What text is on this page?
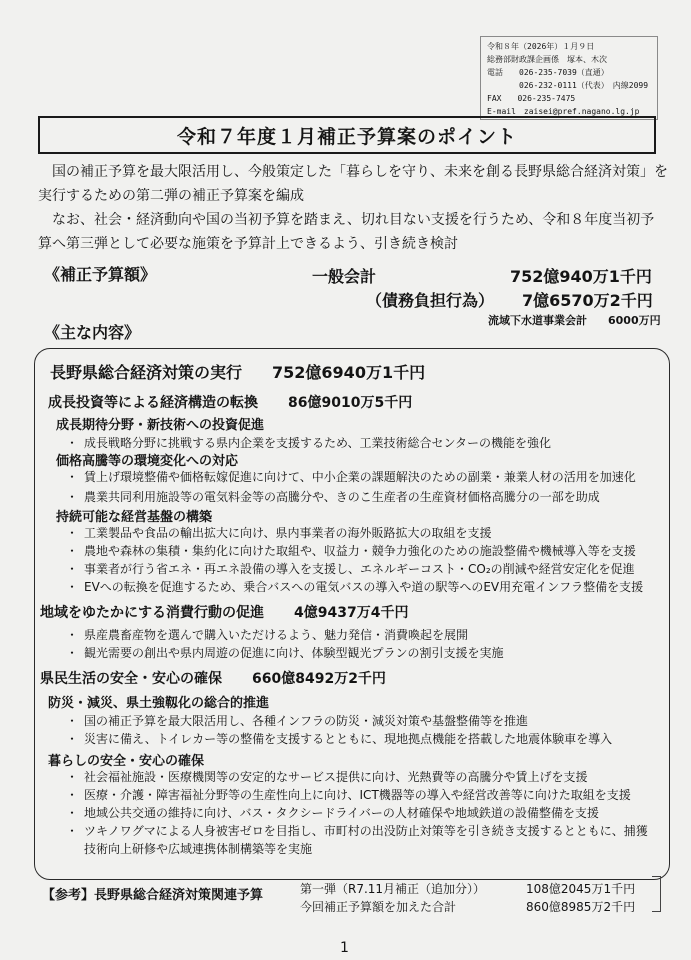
令和８年（2026年）１月９日
総務部財政課企画係　塚本、木次
電話　　026-235-7039（直通）
　　　　026-232-0111（代表）　内線2099
FAX　　026-235-7475
E-mail　zaisei@pref.nagano.lg.jp
令和７年度１月補正予算案のポイント

国の補正予算を最大限活用し、今般策定した「暮らしを守り、未来を創る長野県総合経済対策」を実行するための第二弾の補正予算案を編成

なお、社会・経済動向や国の当初予算を踏まえ、切れ目ない支援を行うため、令和８年度当初予算へ第三弾として必要な施策を予算計上できるよう、引き続き検討

《補正予算額》	一般会計	752億940万1千円
（債務負担行為） 7億6570万2千円
流域下水道事業会計 6000万円
《主な内容》
長野県総合経済対策の実行 752億6940万1千円
成長投資等による経済構造の転換 86億9010万5千円
成長期待分野・新技術への投資促進
・ 成長戦略分野に挑戦する県内企業を支援するため、工業技術総合センターの機能を強化
価格高騰等の環境変化への対応
・ 賃上げ環境整備や価格転嫁促進に向けて、中小企業の課題解決のための副業・兼業人材の活用を加速化
・ 農業共同利用施設等の電気料金等の高騰分や、きのこ生産者の生産資材価格高騰分の一部を助成
持続可能な経営基盤の構築
・ 工業製品や食品の輸出拡大に向け、県内事業者の海外販路拡大の取組を支援
・ 農地や森林の集積・集約化に向けた取組や、収益力・競争力強化のための施設整備や機械導入等を支援
・ 事業者が行う省エネ・再エネ設備の導入を支援し、エネルギーコスト・CO₂の削減や経営安定化を促進
・ EVへの転換を促進するため、乗合バスへの電気バスの導入や道の駅等へのEV用充電インフラ整備を支援
地域をゆたかにする消費行動の促進 4億9437万4千円
・ 県産農畜産物を選んで購入いただけるよう、魅力発信・消費喚起を展開
・ 観光需要の創出や県内周遊の促進に向け、体験型観光プランの割引支援を実施
県民生活の安全・安心の確保 660億8492万2千円
防災・減災、県土強靱化の総合的推進
・ 国の補正予算を最大限活用し、各種インフラの防災・減災対策や基盤整備等を推進
・ 災害に備え、トイレカー等の整備を支援するとともに、現地拠点機能を搭載した地震体験車を導入
暮らしの安全・安心の確保
・ 社会福祉施設・医療機関等の安定的なサービス提供に向け、光熱費等の高騰分や賃上げを支援
・ 医療・介護・障害福祉分野等の生産性向上に向け、ICT機器等の導入や経営改善等に向けた取組を支援
・ 地域公共交通の維持に向け、バス・タクシードライバーの人材確保や地域鉄道の設備整備を支援
・ ツキノワグマによる人身被害ゼロを目指し、市町村の出没防止対策等を引き続き支援するとともに、捕獲
技術向上研修や広域連携体制構築等を実施
【参考】長野県総合経済対策関連予算	第一弾（R7.11月補正（追加分））	108億2045万1千円
今回補正予算額を加えた合計	860億8985万2千円
1
